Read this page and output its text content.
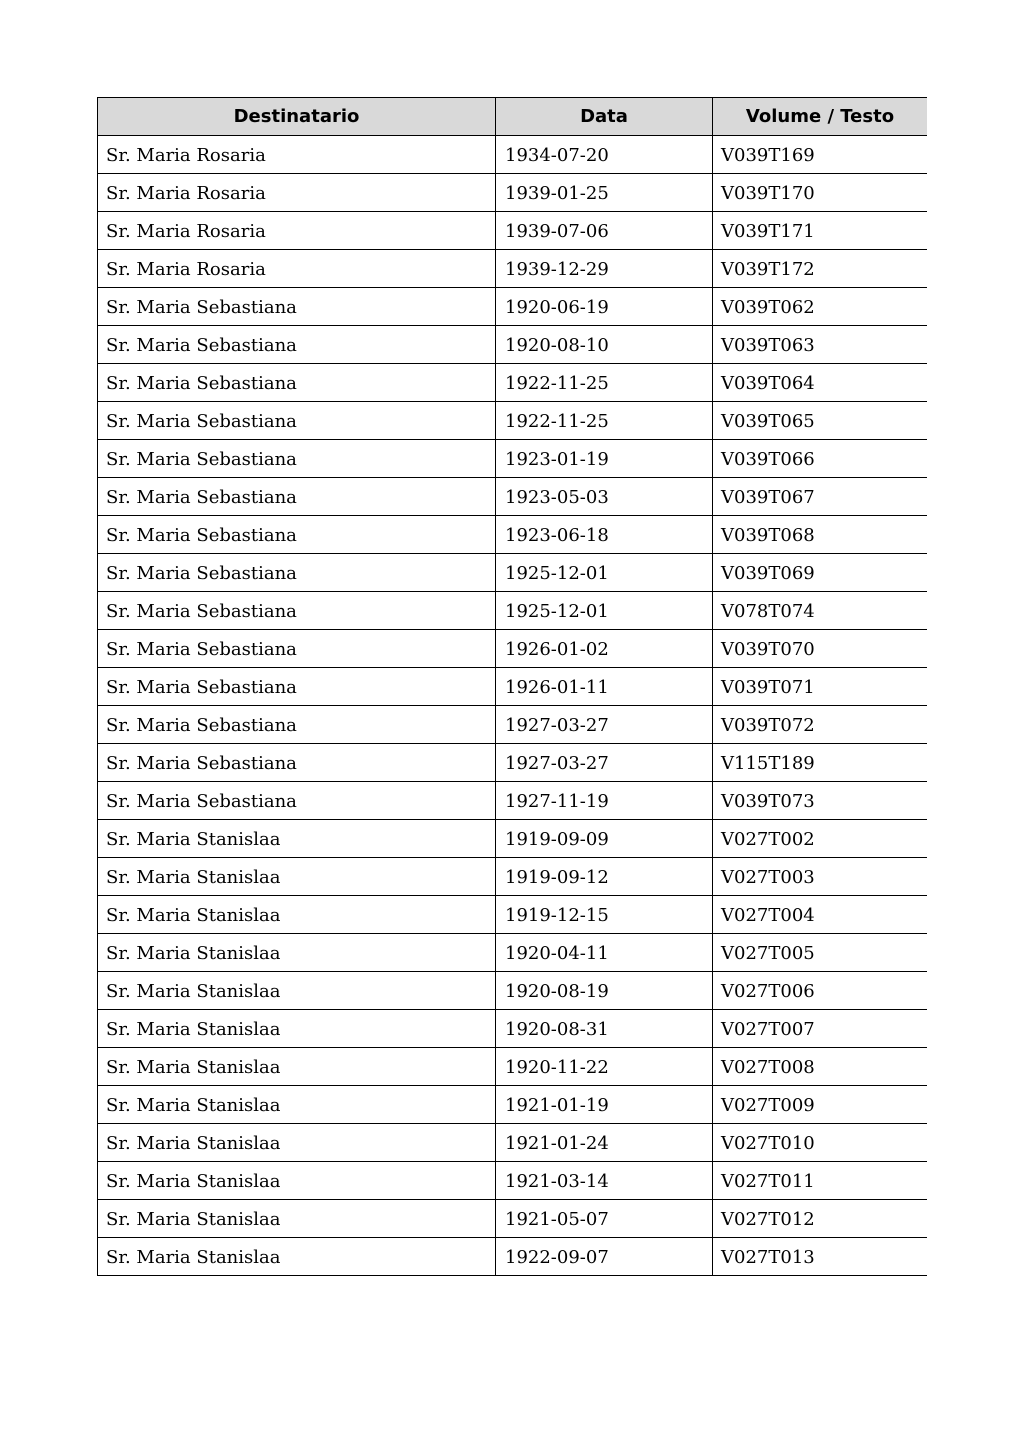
Destinatario	Data	Volume / Testo
Sr. Maria Rosaria	1934-07-20	V039T169
Sr. Maria Rosaria	1939-01-25	V039T170
Sr. Maria Rosaria	1939-07-06	V039T171
Sr. Maria Rosaria	1939-12-29	V039T172
Sr. Maria Sebastiana	1920-06-19	V039T062
Sr. Maria Sebastiana	1920-08-10	V039T063
Sr. Maria Sebastiana	1922-11-25	V039T064
Sr. Maria Sebastiana	1922-11-25	V039T065
Sr. Maria Sebastiana	1923-01-19	V039T066
Sr. Maria Sebastiana	1923-05-03	V039T067
Sr. Maria Sebastiana	1923-06-18	V039T068
Sr. Maria Sebastiana	1925-12-01	V039T069
Sr. Maria Sebastiana	1925-12-01	V078T074
Sr. Maria Sebastiana	1926-01-02	V039T070
Sr. Maria Sebastiana	1926-01-11	V039T071
Sr. Maria Sebastiana	1927-03-27	V039T072
Sr. Maria Sebastiana	1927-03-27	V115T189
Sr. Maria Sebastiana	1927-11-19	V039T073
Sr. Maria Stanislaa	1919-09-09	V027T002
Sr. Maria Stanislaa	1919-09-12	V027T003
Sr. Maria Stanislaa	1919-12-15	V027T004
Sr. Maria Stanislaa	1920-04-11	V027T005
Sr. Maria Stanislaa	1920-08-19	V027T006
Sr. Maria Stanislaa	1920-08-31	V027T007
Sr. Maria Stanislaa	1920-11-22	V027T008
Sr. Maria Stanislaa	1921-01-19	V027T009
Sr. Maria Stanislaa	1921-01-24	V027T010
Sr. Maria Stanislaa	1921-03-14	V027T011
Sr. Maria Stanislaa	1921-05-07	V027T012
Sr. Maria Stanislaa	1922-09-07	V027T013
